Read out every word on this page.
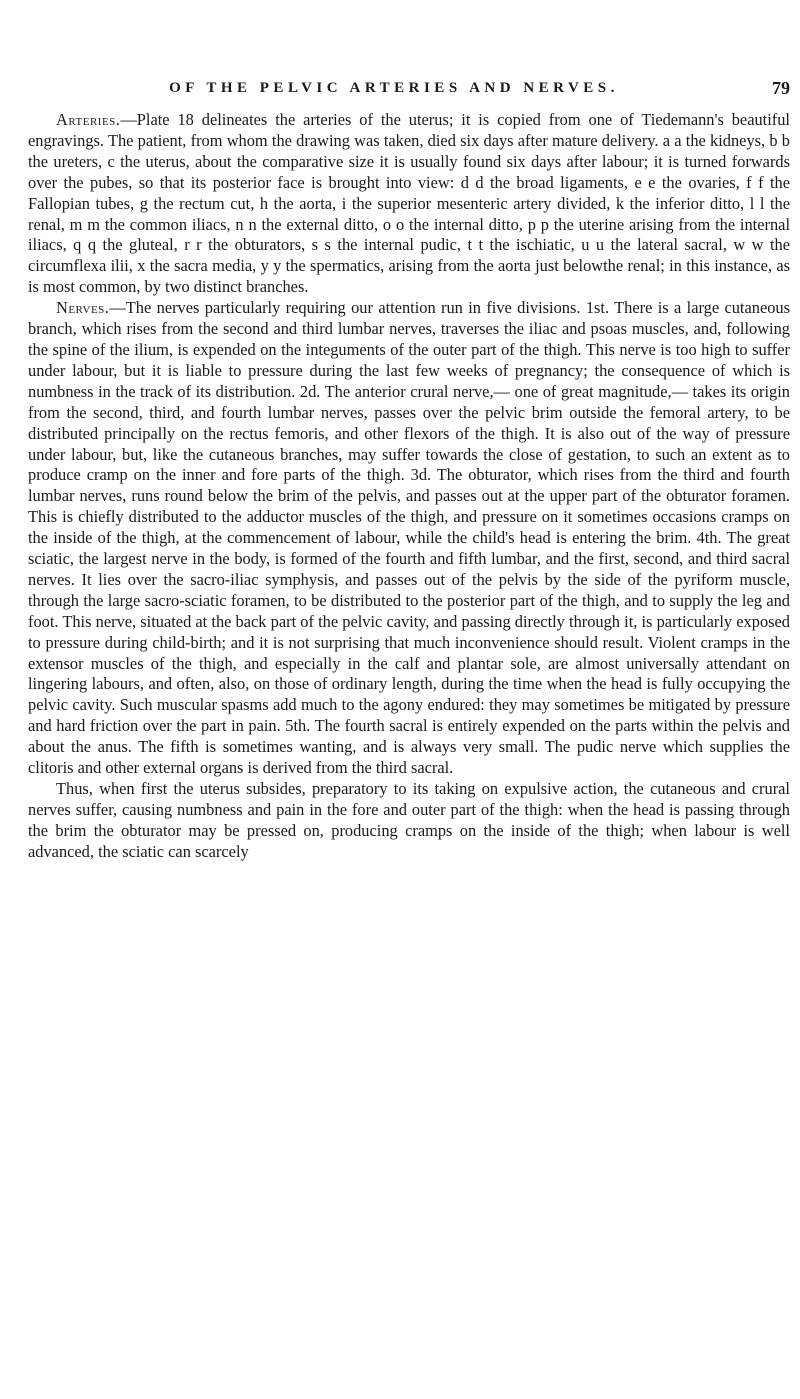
OF THE PELVIC ARTERIES AND NERVES.	79

Arteries.—Plate 18 delineates the arteries of the uterus; it is copied from one of Tiedemann's beautiful engravings. The patient, from whom the drawing was taken, died six days after mature delivery. a a the kidneys, b b the ureters, c the uterus, about the comparative size it is usually found six days after labour; it is turned forwards over the pubes, so that its posterior face is brought into view: d d the broad ligaments, e e the ovaries, f f the Fallopian tubes, g the rectum cut, h the aorta, i the superior mesenteric artery divided, k the inferior ditto, l l the renal, m m the common iliacs, n n the external ditto, o o the internal ditto, p p the uterine arising from the internal iliacs, q q the gluteal, r r the obturators, s s the internal pudic, t t the ischiatic, u u the lateral sacral, w w the circumflexa ilii, x the sacra media, y y the spermatics, arising from the aorta just belowthe renal; in this instance, as is most common, by two distinct branches.

Nerves.—The nerves particularly requiring our attention run in five divisions. 1st. There is a large cutaneous branch, which rises from the second and third lumbar nerves, traverses the iliac and psoas muscles, and, following the spine of the ilium, is expended on the integuments of the outer part of the thigh. This nerve is too high to suffer under labour, but it is liable to pressure during the last few weeks of pregnancy; the consequence of which is numbness in the track of its distribution. 2d. The anterior crural nerve,— one of great magnitude,— takes its origin from the second, third, and fourth lumbar nerves, passes over the pelvic brim outside the femoral artery, to be distributed principally on the rectus femoris, and other flexors of the thigh. It is also out of the way of pressure under labour, but, like the cutaneous branches, may suffer towards the close of gestation, to such an extent as to produce cramp on the inner and fore parts of the thigh. 3d. The obturator, which rises from the third and fourth lumbar nerves, runs round below the brim of the pelvis, and passes out at the upper part of the obturator foramen. This is chiefly distributed to the adductor muscles of the thigh, and pressure on it sometimes occasions cramps on the inside of the thigh, at the commencement of labour, while the child's head is entering the brim. 4th. The great sciatic, the largest nerve in the body, is formed of the fourth and fifth lumbar, and the first, second, and third sacral nerves. It lies over the sacro-iliac symphysis, and passes out of the pelvis by the side of the pyriform muscle, through the large sacro-sciatic foramen, to be distributed to the posterior part of the thigh, and to supply the leg and foot. This nerve, situated at the back part of the pelvic cavity, and passing directly through it, is particularly exposed to pressure during child-birth; and it is not surprising that much inconvenience should result. Violent cramps in the extensor muscles of the thigh, and especially in the calf and plantar sole, are almost universally attendant on lingering labours, and often, also, on those of ordinary length, during the time when the head is fully occupying the pelvic cavity. Such muscular spasms add much to the agony endured: they may sometimes be mitigated by pressure and hard friction over the part in pain. 5th. The fourth sacral is entirely expended on the parts within the pelvis and about the anus. The fifth is sometimes wanting, and is always very small. The pudic nerve which supplies the clitoris and other external organs is derived from the third sacral.

Thus, when first the uterus subsides, preparatory to its taking on expulsive action, the cutaneous and crural nerves suffer, causing numbness and pain in the fore and outer part of the thigh: when the head is passing through the brim the obturator may be pressed on, producing cramps on the inside of the thigh; when labour is well advanced, the sciatic can scarcely
